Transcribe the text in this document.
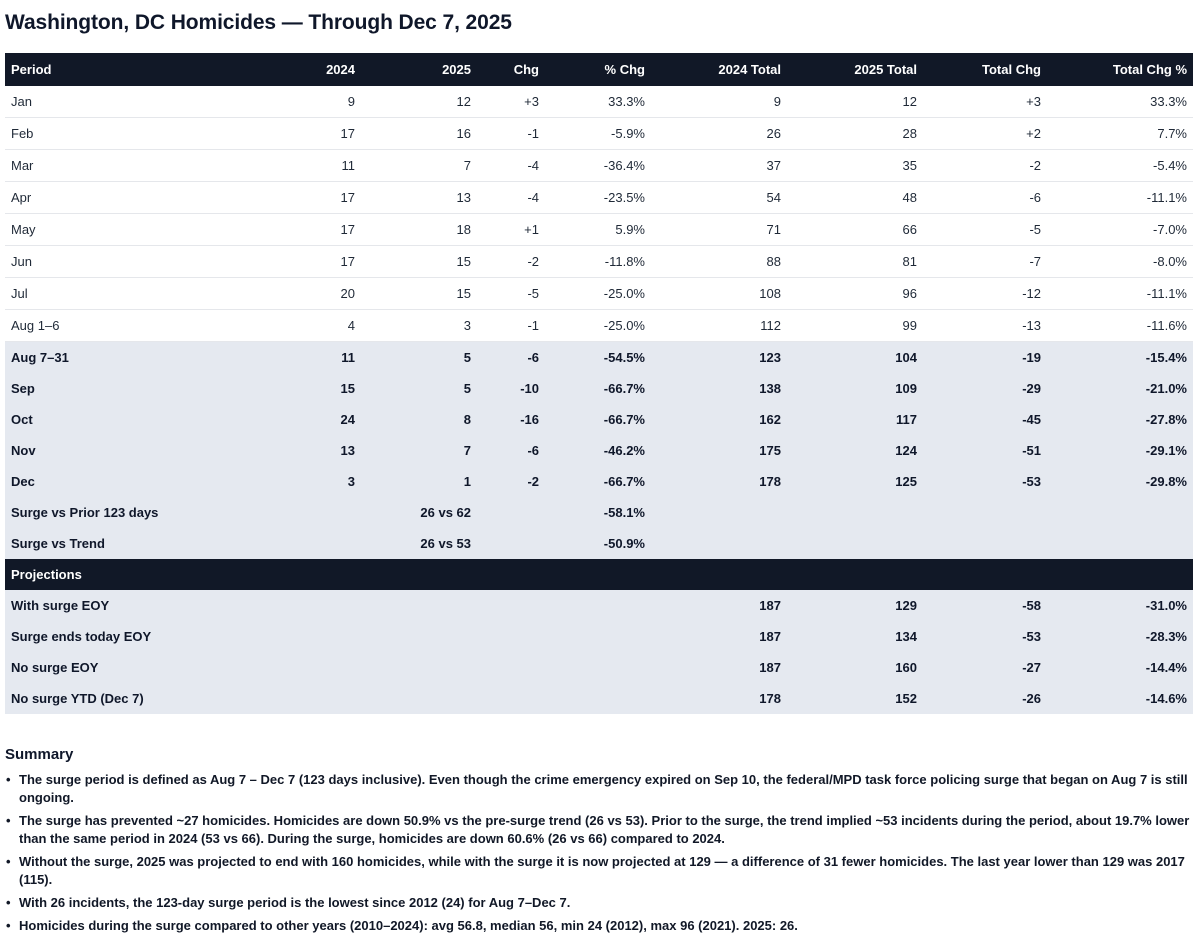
Washington, DC Homicides — Through Dec 7, 2025
Period	2024	2025	Chg	% Chg	2024 Total	2025 Total	Total Chg	Total Chg %
Jan	9	12	+3	33.3%	9	12	+3	33.3%
Feb	17	16	-1	-5.9%	26	28	+2	7.7%
Mar	11	7	-4	-36.4%	37	35	-2	-5.4%
Apr	17	13	-4	-23.5%	54	48	-6	-11.1%
May	17	18	+1	5.9%	71	66	-5	-7.0%
Jun	17	15	-2	-11.8%	88	81	-7	-8.0%
Jul	20	15	-5	-25.0%	108	96	-12	-11.1%
Aug 1–6	4	3	-1	-25.0%	112	99	-13	-11.6%
Aug 7–31	11	5	-6	-54.5%	123	104	-19	-15.4%
Sep	15	5	-10	-66.7%	138	109	-29	-21.0%
Oct	24	8	-16	-66.7%	162	117	-45	-27.8%
Nov	13	7	-6	-46.2%	175	124	-51	-29.1%
Dec	3	1	-2	-66.7%	178	125	-53	-29.8%
Surge vs Prior 123 days		26 vs 62		-58.1%				
Surge vs Trend		26 vs 53		-50.9%				
Projections								
With surge EOY					187	129	-58	-31.0%
Surge ends today EOY					187	134	-53	-28.3%
No surge EOY					187	160	-27	-14.4%
No surge YTD (Dec 7)					178	152	-26	-14.6%
Summary
• The surge period is defined as Aug 7 – Dec 7 (123 days inclusive). Even though the crime emergency expired on Sep 10, the federal/MPD task force policing surge that began on Aug 7 is still ongoing.
• The surge has prevented ~27 homicides. Homicides are down 50.9% vs the pre-surge trend (26 vs 53). Prior to the surge, the trend implied ~53 incidents during the period, about 19.7% lower than the same period in 2024 (53 vs 66). During the surge, homicides are down 60.6% (26 vs 66) compared to 2024.
• Without the surge, 2025 was projected to end with 160 homicides, while with the surge it is now projected at 129 — a difference of 31 fewer homicides. The last year lower than 129 was 2017 (115).
• With 26 incidents, the 123-day surge period is the lowest since 2012 (24) for Aug 7–Dec 7.
• Homicides during the surge compared to other years (2010–2024): avg 56.8, median 56, min 24 (2012), max 96 (2021). 2025: 26.
